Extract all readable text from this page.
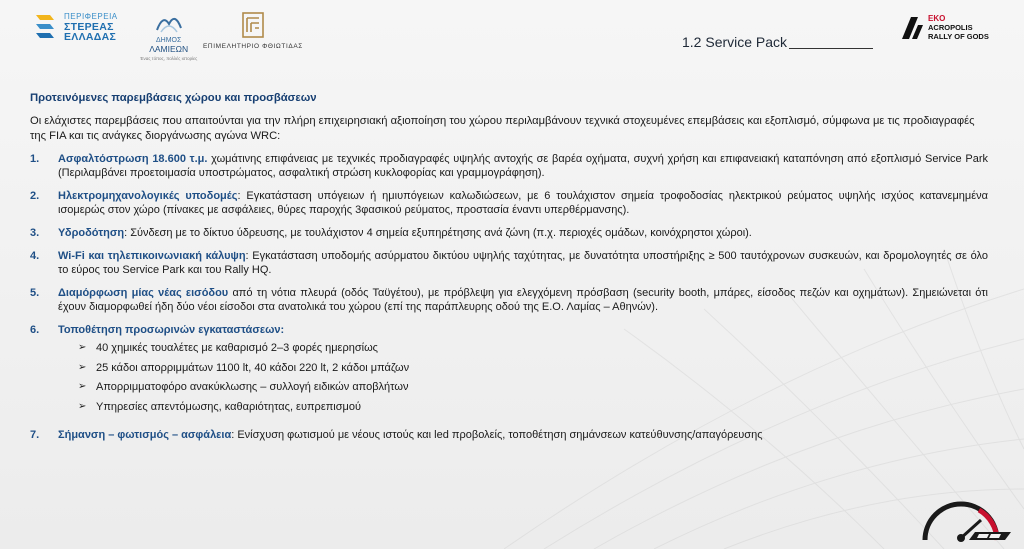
ΠΕΡΙΦΕΡΕΙΑ
ΣΤΕΡΕΑΣ
ΕΛΛΑΔΑΣ	ΔΗΜΟΣ
ΛΑΜΙΕΩΝ
Ένας τόπος, πολλές ιστορίες
ΕΠΙΜΕΛΗΤΗΡΙΟ ΦΘΙΩΤΙΔΑΣ	1.2 Service Pack
EKO
ACROPOLIS
RALLY OF GODS
Προτεινόμενες παρεμβάσεις χώρου και προσβάσεων
Οι ελάχιστες παρεμβάσεις που απαιτούνται για την πλήρη επιχειρησιακή αξιοποίηση του χώρου περιλαμβάνουν τεχνικά στοχευμένες επεμβάσεις και εξοπλισμό, σύμφωνα με τις προδιαγραφές της FIA και τις ανάγκες διοργάνωσης αγώνα WRC:
1.	Ασφαλτόστρωση 18.600 τ.μ. χωμάτινης επιφάνειας με τεχνικές προδιαγραφές υψηλής αντοχής σε βαρέα οχήματα, συχνή χρήση και επιφανειακή καταπόνηση από εξοπλισμό Service Park (Περιλαμβάνει προετοιμασία υποστρώματος, ασφαλτική στρώση κυκλοφορίας και γραμμογράφηση).
2.	Ηλεκτρομηχανολογικές υποδομές: Εγκατάσταση υπόγειων ή ημιυπόγειων καλωδιώσεων, με 6 τουλάχιστον σημεία τροφοδοσίας ηλεκτρικού ρεύματος υψηλής ισχύος κατανεμημένα ισομερώς στον χώρο (πίνακες με ασφάλειες, θύρες παροχής 3φασικού ρεύματος, προστασία έναντι υπερθέρμανσης).
3.	Υδροδότηση: Σύνδεση με το δίκτυο ύδρευσης, με τουλάχιστον 4 σημεία εξυπηρέτησης ανά ζώνη (π.χ. περιοχές ομάδων, κοινόχρηστοι χώροι).
4.	Wi-Fi και τηλεπικοινωνιακή κάλυψη: Εγκατάσταση υποδομής ασύρματου δικτύου υψηλής ταχύτητας, με δυνατότητα υποστήριξης ≥ 500 ταυτόχρονων συσκευών, και δρομολογητές σε όλο το εύρος του Service Park και του Rally HQ.
5.	Διαμόρφωση μίας νέας εισόδου από τη νότια πλευρά (οδός Ταϋγέτου), με πρόβλεψη για ελεγχόμενη πρόσβαση (security booth, μπάρες, είσοδος πεζών και οχημάτων). Σημειώνεται ότι έχουν διαμορφωθεί ήδη δύο νέοι είσοδοι στα ανατολικά του χώρου (επί της παράπλευρης οδού της Ε.Ο. Λαμίας – Αθηνών).
6.	Τοποθέτηση προσωρινών εγκαταστάσεων:
➢ 40 χημικές τουαλέτες με καθαρισμό 2–3 φορές ημερησίως
➢ 25 κάδοι απορριμμάτων 1100 lt, 40 κάδοι 220 lt, 2 κάδοι μπάζων
➢ Απορριμματοφόρο ανακύκλωσης – συλλογή ειδικών αποβλήτων
➢ Υπηρεσίες απεντόμωσης, καθαριότητας, ευπρεπισμού
7.	Σήμανση – φωτισμός – ασφάλεια: Ενίσχυση φωτισμού με νέους ιστούς και led προβολείς, τοποθέτηση σημάνσεων κατεύθυνσης/απαγόρευσης
